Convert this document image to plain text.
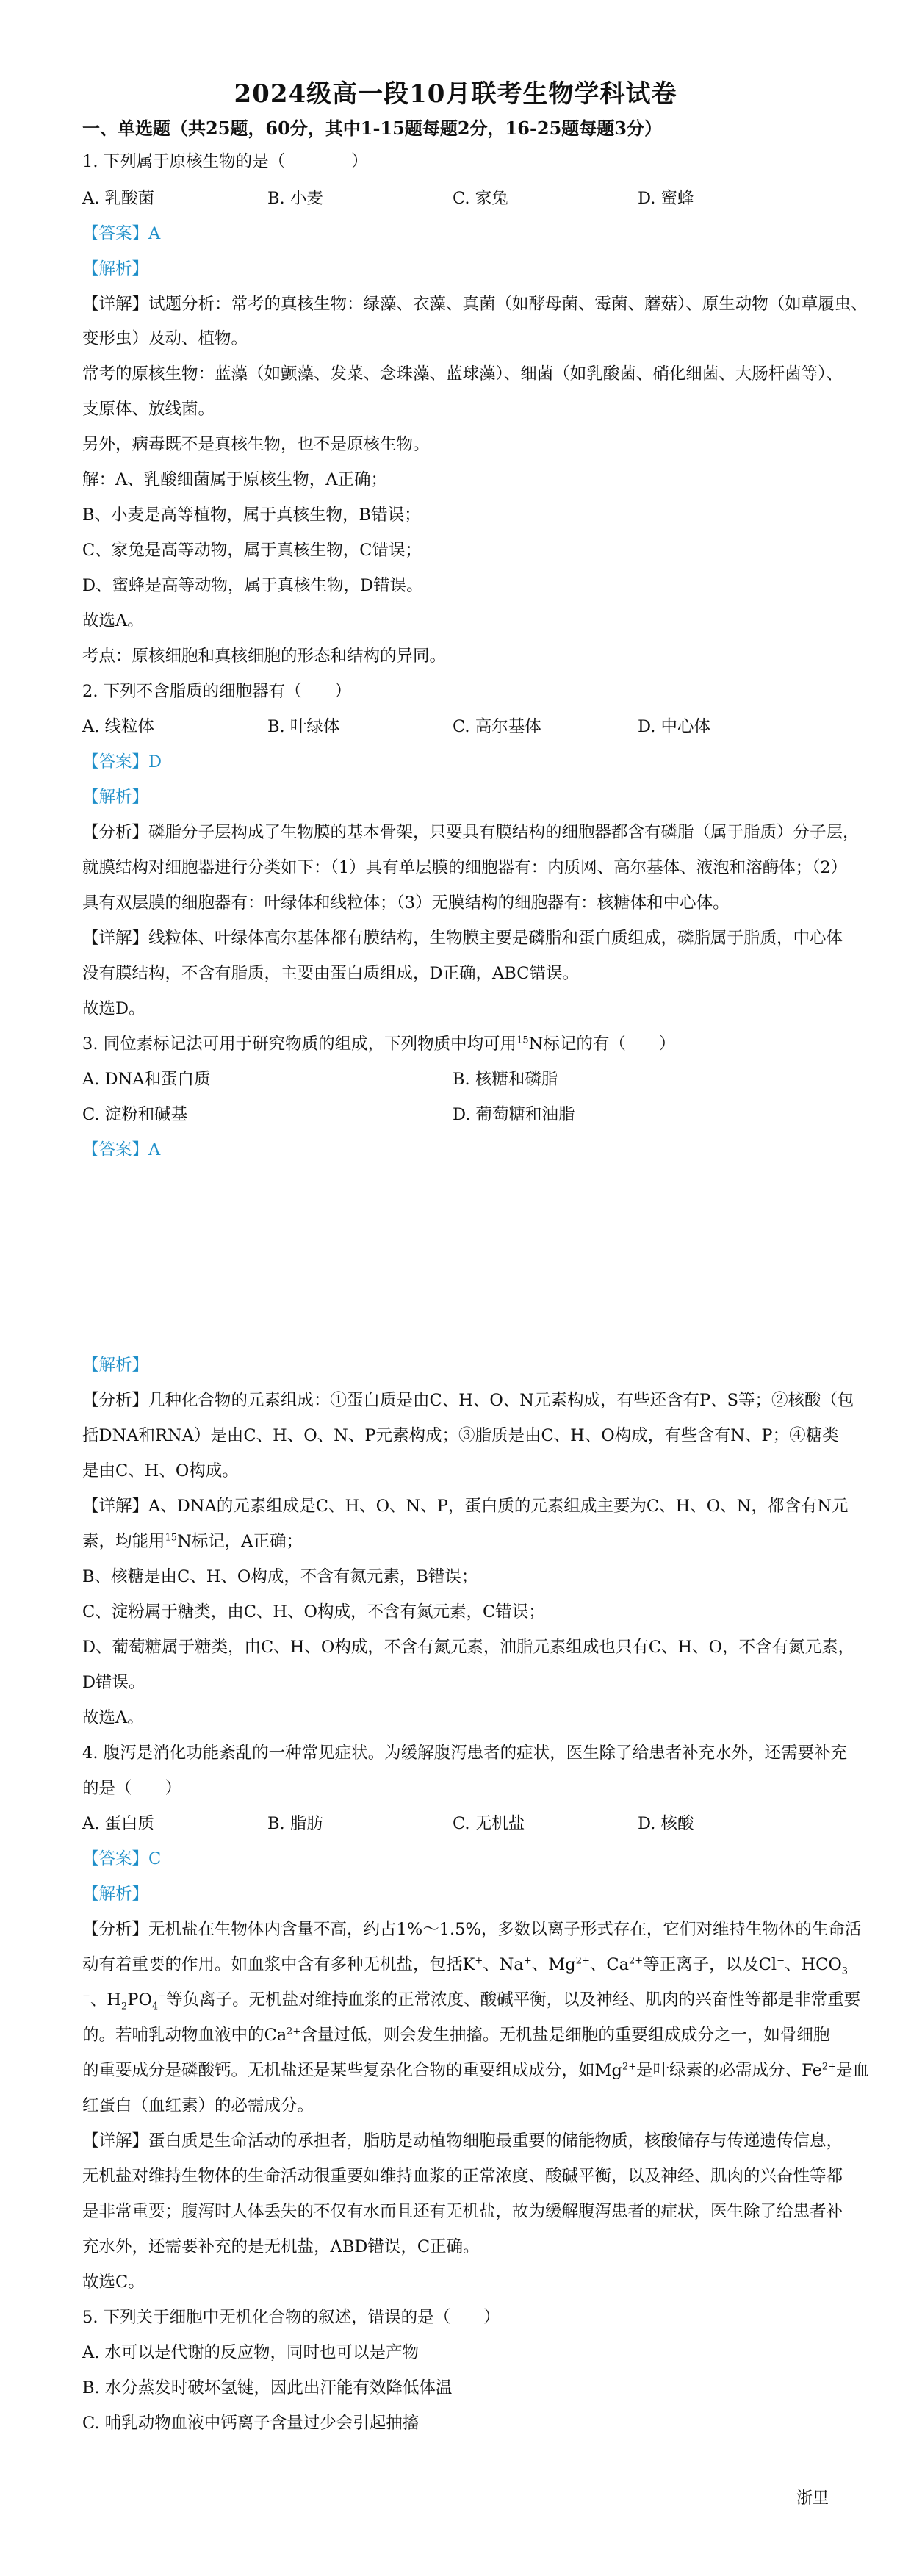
2024级高一段10月联考生物学科试卷
一、单选题（共25题，60分，其中1-15题每题2分，16-25题每题3分）
1. 下列属于原核生物的是（　　　　）
A. 乳酸菌	B. 小麦	C. 家兔	D. 蜜蜂
【答案】A
【解析】
【详解】试题分析：常考的真核生物：绿藻、衣藻、真菌（如酵母菌、霉菌、蘑菇）、原生动物（如草履虫、
变形虫）及动、植物。
常考的原核生物：蓝藻（如颤藻、发菜、念珠藻、蓝球藻）、细菌（如乳酸菌、硝化细菌、大肠杆菌等）、
支原体、放线菌。
另外，病毒既不是真核生物，也不是原核生物。
解：A、乳酸细菌属于原核生物，A正确；
B、小麦是高等植物，属于真核生物，B错误；
C、家兔是高等动物，属于真核生物，C错误；
D、蜜蜂是高等动物，属于真核生物，D错误。
故选A。
考点：原核细胞和真核细胞的形态和结构的异同。
2. 下列不含脂质的细胞器有（　　）
A. 线粒体	B. 叶绿体	C. 高尔基体	D. 中心体
【答案】D
【解析】
【分析】磷脂分子层构成了生物膜的基本骨架，只要具有膜结构的细胞器都含有磷脂（属于脂质）分子层，
就膜结构对细胞器进行分类如下：（1）具有单层膜的细胞器有：内质网、高尔基体、液泡和溶酶体；（2）
具有双层膜的细胞器有：叶绿体和线粒体；（3）无膜结构的细胞器有：核糖体和中心体。
【详解】线粒体、叶绿体高尔基体都有膜结构，生物膜主要是磷脂和蛋白质组成，磷脂属于脂质，中心体
没有膜结构，不含有脂质，主要由蛋白质组成，D正确，ABC错误。
故选D。
3. 同位素标记法可用于研究物质的组成，下列物质中均可用$^{15}$N标记的有（　　）
A. DNA和蛋白质	B. 核糖和磷脂
C. 淀粉和碱基	D. 葡萄糖和油脂
【答案】A
【解析】
【分析】几种化合物的元素组成：①蛋白质是由C、H、O、N元素构成，有些还含有P、S等；②核酸（包
括DNA和RNA）是由C、H、O、N、P元素构成；③脂质是由C、H、O构成，有些含有N、P；④糖类
是由C、H、O构成。
【详解】A、DNA的元素组成是C、H、O、N、P，蛋白质的元素组成主要为C、H、O、N，都含有N元
素，均能用$^{15}$N标记，A正确；
B、核糖是由C、H、O构成，不含有氮元素，B错误；
C、淀粉属于糖类，由C、H、O构成，不含有氮元素，C错误；
D、葡萄糖属于糖类，由C、H、O构成，不含有氮元素，油脂元素组成也只有C、H、O，不含有氮元素，
D错误。
故选A。
4. 腹泻是消化功能紊乱的一种常见症状。为缓解腹泻患者的症状，医生除了给患者补充水外，还需要补充
的是（　　）
A. 蛋白质	B. 脂肪	C. 无机盐	D. 核酸
【答案】C
【解析】
【分析】无机盐在生物体内含量不高，约占1%～1.5%，多数以离子形式存在，它们对维持生物体的生命活
动有着重要的作用。如血浆中含有多种无机盐，包括K+、Na+、$Mg^{2+}$、$Ca^{2+}$等正离子，以及Cl−、$HCO_3$
−、$H_2PO_4^-$等负离子。无机盐对维持血浆的正常浓度、酸碱平衡，以及神经、肌肉的兴奋性等都是非常重要
的。若哺乳动物血液中的$Ca^{2+}$含量过低，则会发生抽搐。无机盐是细胞的重要组成成分之一，如骨细胞
的重要成分是磷酸钙。无机盐还是某些复杂化合物的重要组成成分，如$Mg^{2+}$是叶绿素的必需成分、$Fe^{2+}$是血
红蛋白（血红素）的必需成分。
【详解】蛋白质是生命活动的承担者，脂肪是动植物细胞最重要的储能物质，核酸储存与传递遗传信息，
无机盐对维持生物体的生命活动很重要如维持血浆的正常浓度、酸碱平衡，以及神经、肌肉的兴奋性等都
是非常重要；腹泻时人体丢失的不仅有水而且还有无机盐，故为缓解腹泻患者的症状，医生除了给患者补
充水外，还需要补充的是无机盐，ABD错误，C正确。
故选C。
5. 下列关于细胞中无机化合物的叙述，错误的是（　　）
A. 水可以是代谢的反应物，同时也可以是产物
B. 水分蒸发时破坏氢键，因此出汗能有效降低体温
C. 哺乳动物血液中钙离子含量过少会引起抽搐
浙里
